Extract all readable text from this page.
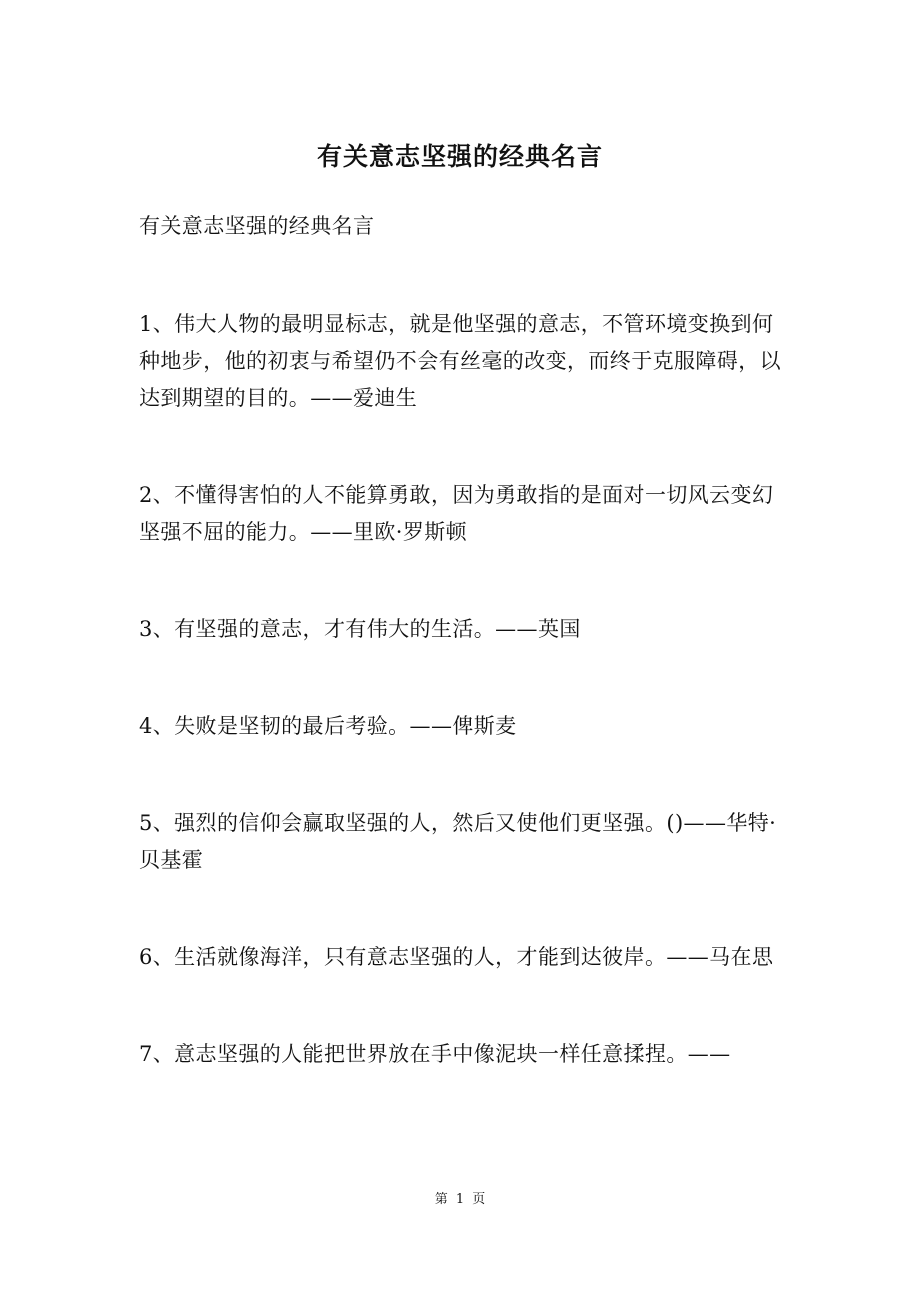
有关意志坚强的经典名言
有关意志坚强的经典名言

1、伟大人物的最明显标志，就是他坚强的意志，不管环境变换到何种地步，他的初衷与希望仍不会有丝毫的改变，而终于克服障碍，以达到期望的目的。——爱迪生

2、不懂得害怕的人不能算勇敢，因为勇敢指的是面对一切风云变幻坚强不屈的能力。——里欧·罗斯顿

3、有坚强的意志，才有伟大的生活。——英国

4、失败是坚韧的最后考验。——俾斯麦

5、强烈的信仰会赢取坚强的人，然后又使他们更坚强。()——华特·贝基霍

6、生活就像海洋，只有意志坚强的人，才能到达彼岸。——马在思

7、意志坚强的人能把世界放在手中像泥块一样任意揉捏。——

第 1 页
